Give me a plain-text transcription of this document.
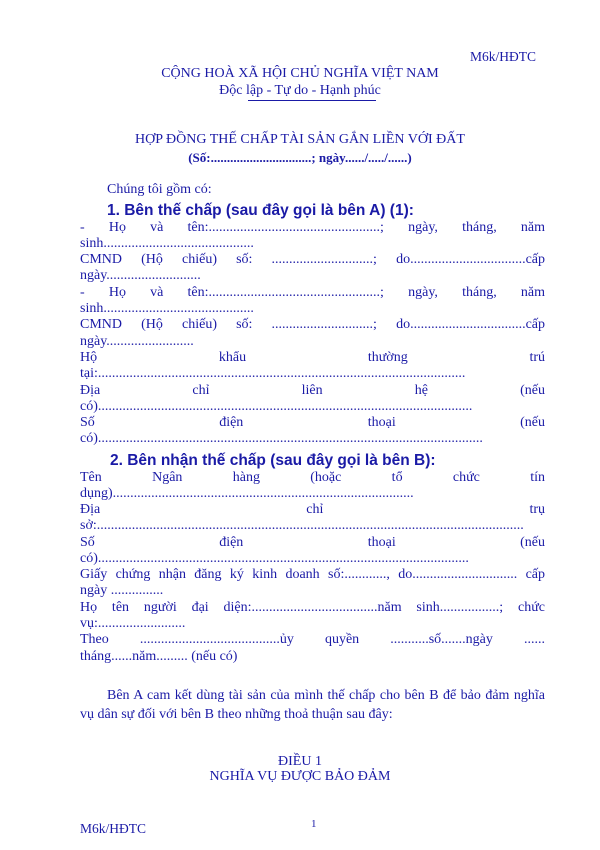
M6k/HĐTC
CỘNG HOÀ XÃ HỘI CHỦ NGHĨA VIỆT NAM
Độc lập - Tự do - Hạnh phúc
HỢP ĐỒNG THẾ CHẤP TÀI SẢN GẮN LIỀN VỚI ĐẤT
(Số:...............................; ngày....../...../......)
Chúng tôi gồm có:
1. Bên thế chấp (sau đây gọi là bên A) (1):
- Họ và tên:.................................................; ngày, tháng, năm
sinh...........................................
CMND (Hộ chiếu) số: .............................; do.................................cấp
ngày...........................
- Họ và tên:.................................................; ngày, tháng, năm
sinh...........................................
CMND (Hộ chiếu) số: .............................; do.................................cấp
ngày.........................
Hộ khẩu thường trú
tại:.........................................................................................................
Địa chỉ liên hệ (nếu
có)...........................................................................................................
Số điện thoại (nếu
có)..............................................................................................................
2. Bên nhận thế chấp (sau đây gọi là bên B):
Tên Ngân hàng (hoặc tổ chức tín
dụng)......................................................................................
Địa chỉ trụ
sở:..........................................................................................................................
Số điện thoại (nếu
có)..........................................................................................................
Giấy chứng nhận đăng ký kinh doanh số:............, do.............................. cấp
ngày ...............
Họ tên người đại diện:....................................năm sinh.................; chức
vụ:.........................
Theo ........................................ủy quyền ...........số.......ngày ......
tháng......năm......... (nếu có)
Bên A cam kết dùng tài sản của mình thế chấp cho bên B để bảo đảm nghĩa vụ dân sự đối với bên B theo những thoả thuận sau đây:
ĐIỀU 1
NGHĨA VỤ ĐƯỢC BẢO ĐẢM
M6k/HĐTC	1
